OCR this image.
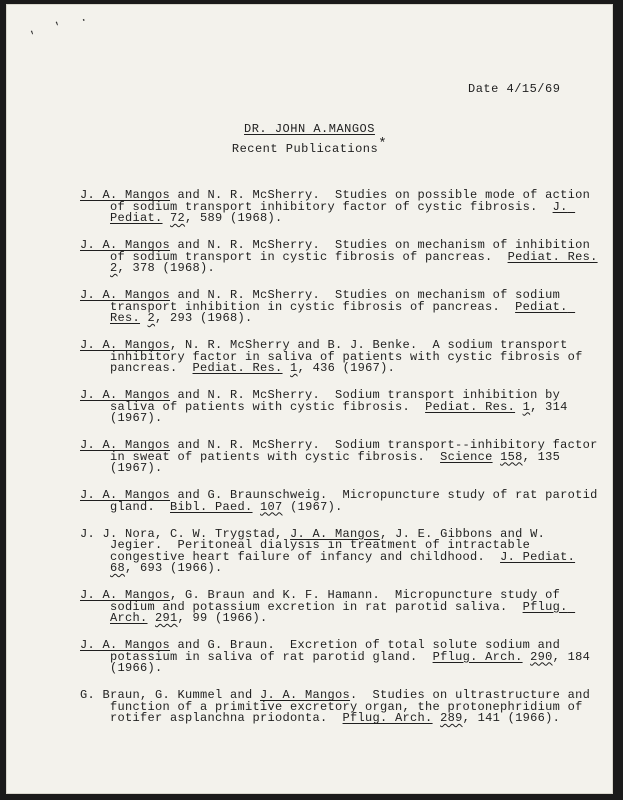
' ' .
Date 4/15/69
DR. JOHN A.MANGOS
Recent Publications*
J. A. Mangos and N. R. McSherry.  Studies on possible mode of action of sodium transport inhibitory factor of cystic fibrosis.  J. Pediat. 72, 589 (1968).
J. A. Mangos and N. R. McSherry.  Studies on mechanism of inhibition of sodium transport in cystic fibrosis of pancreas.  Pediat. Res. 2, 378 (1968).
J. A. Mangos and N. R. McSherry.  Studies on mechanism of sodium transport inhibition in cystic fibrosis of pancreas.  Pediat. Res. 2, 293 (1968).
J. A. Mangos, N. R. McSherry and B. J. Benke.  A sodium transport inhibitory factor in saliva of patients with cystic fibrosis of pancreas.  Pediat. Res. 1, 436 (1967).
J. A. Mangos and N. R. McSherry.  Sodium transport inhibition by saliva of patients with cystic fibrosis.  Pediat. Res. 1, 314 (1967).
J. A. Mangos and N. R. McSherry.  Sodium transport--inhibitory factor in sweat of patients with cystic fibrosis.  Science 158, 135 (1967).
J. A. Mangos and G. Braunschweig.  Micropuncture study of rat parotid gland.  Bibl. Paed. 107 (1967).
J. J. Nora, C. W. Trygstad, J. A. Mangos, J. E. Gibbons and W. Jegier.  Peritoneal dialysis in treatment of intractable congestive heart failure of infancy and childhood.  J. Pediat. 68, 693 (1966).
J. A. Mangos, G. Braun and K. F. Hamann.  Micropuncture study of sodium and potassium excretion in rat parotid saliva.  Pflug. Arch. 291, 99 (1966).
J. A. Mangos and G. Braun.  Excretion of total solute sodium and potassium in saliva of rat parotid gland.  Pflug. Arch. 290, 184 (1966).
G. Braun, G. Kummel and J. A. Mangos.  Studies on ultrastructure and function of a primitive excretory organ, the protonephridium of rotifer asplanchna priodonta.  Pflug. Arch. 289, 141 (1966).
